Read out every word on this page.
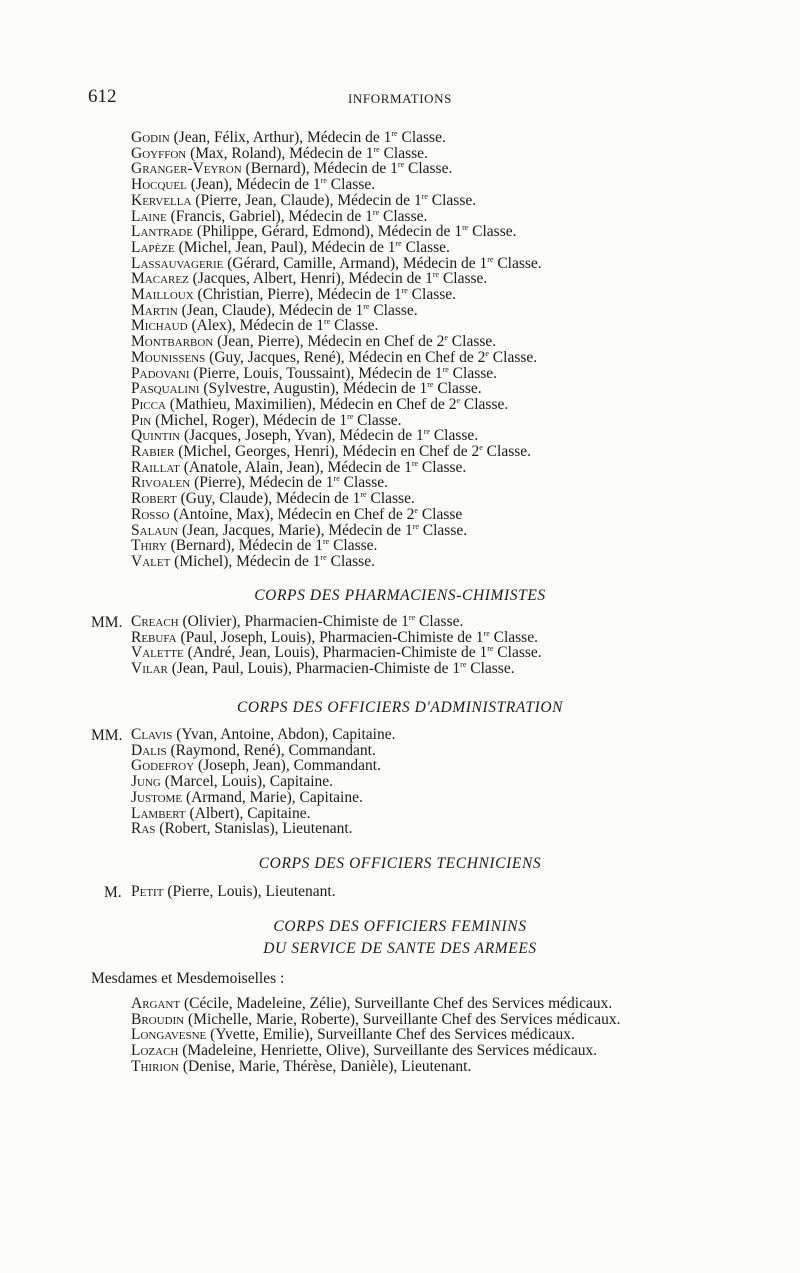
612	INFORMATIONS
Godin (Jean, Félix, Arthur), Médecin de 1re Classe.
Goyffon (Max, Roland), Médecin de 1re Classe.
Granger-Veyron (Bernard), Médecin de 1re Classe.
Hocquel (Jean), Médecin de 1re Classe.
Kervella (Pierre, Jean, Claude), Médecin de 1re Classe.
Laine (Francis, Gabriel), Médecin de 1re Classe.
Lantrade (Philippe, Gérard, Edmond), Médecin de 1re Classe.
Lapèze (Michel, Jean, Paul), Médecin de 1re Classe.
Lassauvagerie (Gérard, Camille, Armand), Médecin de 1re Classe.
Macarez (Jacques, Albert, Henri), Médecin de 1re Classe.
Mailloux (Christian, Pierre), Médecin de 1re Classe.
Martin (Jean, Claude), Médecin de 1re Classe.
Michaud (Alex), Médecin de 1re Classe.
Montbarbon (Jean, Pierre), Médecin en Chef de 2e Classe.
Mounissens (Guy, Jacques, René), Médecin en Chef de 2e Classe.
Padovani (Pierre, Louis, Toussaint), Médecin de 1re Classe.
Pasqualini (Sylvestre, Augustin), Médecin de 1re Classe.
Picca (Mathieu, Maximilien), Médecin en Chef de 2e Classe.
Pin (Michel, Roger), Médecin de 1re Classe.
Quintin (Jacques, Joseph, Yvan), Médecin de 1re Classe.
Rabier (Michel, Georges, Henri), Médecin en Chef de 2e Classe.
Raillat (Anatole, Alain, Jean), Médecin de 1re Classe.
Rivoalen (Pierre), Médecin de 1re Classe.
Robert (Guy, Claude), Médecin de 1re Classe.
Rosso (Antoine, Max), Médecin en Chef de 2e Classe
Salaun (Jean, Jacques, Marie), Médecin de 1re Classe.
Thiry (Bernard), Médecin de 1re Classe.
Valet (Michel), Médecin de 1re Classe.
CORPS DES PHARMACIENS-CHIMISTES
MM. Creach (Olivier), Pharmacien-Chimiste de 1re Classe.
Rebufa (Paul, Joseph, Louis), Pharmacien-Chimiste de 1re Classe.
Valette (André, Jean, Louis), Pharmacien-Chimiste de 1re Classe.
Vilar (Jean, Paul, Louis), Pharmacien-Chimiste de 1re Classe.
CORPS DES OFFICIERS D'ADMINISTRATION
MM. Clavis (Yvan, Antoine, Abdon), Capitaine.
Dalis (Raymond, René), Commandant.
Godefroy (Joseph, Jean), Commandant.
Jung (Marcel, Louis), Capitaine.
Justome (Armand, Marie), Capitaine.
Lambert (Albert), Capitaine.
Ras (Robert, Stanislas), Lieutenant.
CORPS DES OFFICIERS TECHNICIENS
M. Petit (Pierre, Louis), Lieutenant.
CORPS DES OFFICIERS FEMININS
DU SERVICE DE SANTE DES ARMEES
Mesdames et Mesdemoiselles :
Argant (Cécile, Madeleine, Zélie), Surveillante Chef des Services médicaux.
Broudin (Michelle, Marie, Roberte), Surveillante Chef des Services médicaux.
Longavesne (Yvette, Emilie), Surveillante Chef des Services médicaux.
Lozach (Madeleine, Henriette, Olive), Surveillante des Services médicaux.
Thirion (Denise, Marie, Thérèse, Danièle), Lieutenant.
